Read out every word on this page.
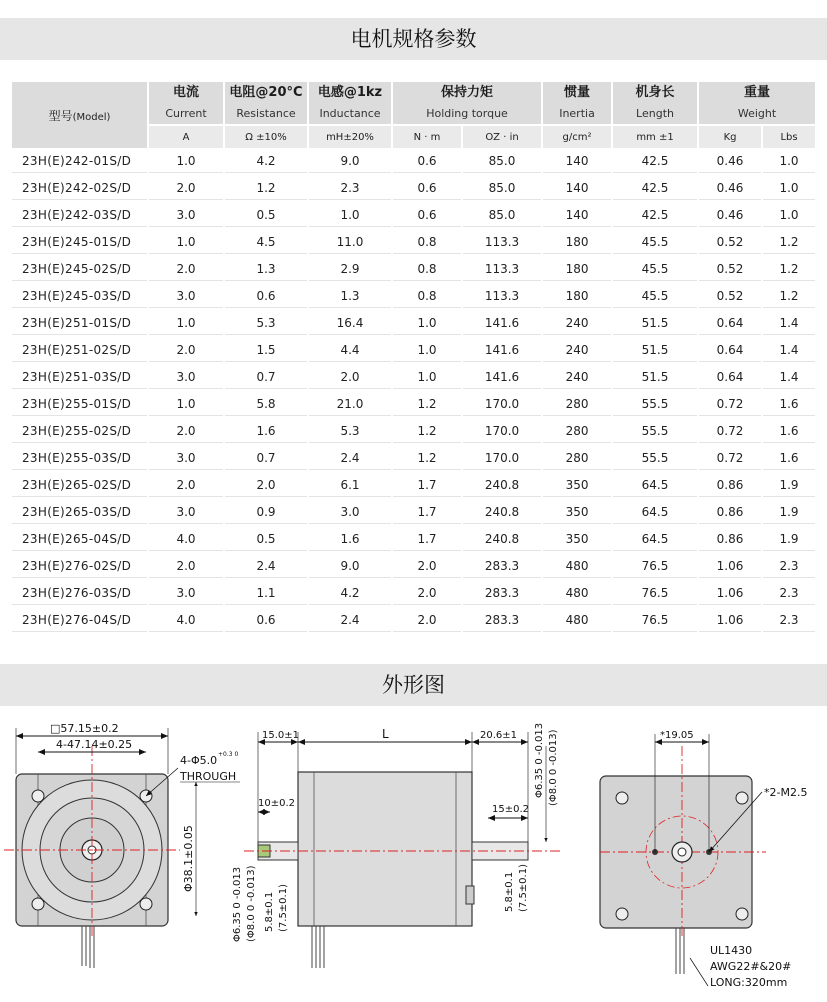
电机规格参数
型号(Model)	电流	电阻@20°C	电感@1kz	保持力矩		惯量	机身长	重量	

	Current	Resistance	Inductance	Holding torque		Inertia	Length	Weight	

	A	Ω ±10%	mH±20%	N · m	OZ · in	g/cm²	mm ±1	Kg	Lbs
23H(E)242-01S/D	1.0	4.2	9.0	0.6	85.0	140	42.5	0.46	1.0
23H(E)242-02S/D	2.0	1.2	2.3	0.6	85.0	140	42.5	0.46	1.0
23H(E)242-03S/D	3.0	0.5	1.0	0.6	85.0	140	42.5	0.46	1.0
23H(E)245-01S/D	1.0	4.5	11.0	0.8	113.3	180	45.5	0.52	1.2
23H(E)245-02S/D	2.0	1.3	2.9	0.8	113.3	180	45.5	0.52	1.2
23H(E)245-03S/D	3.0	0.6	1.3	0.8	113.3	180	45.5	0.52	1.2
23H(E)251-01S/D	1.0	5.3	16.4	1.0	141.6	240	51.5	0.64	1.4
23H(E)251-02S/D	2.0	1.5	4.4	1.0	141.6	240	51.5	0.64	1.4
23H(E)251-03S/D	3.0	0.7	2.0	1.0	141.6	240	51.5	0.64	1.4
23H(E)255-01S/D	1.0	5.8	21.0	1.2	170.0	280	55.5	0.72	1.6
23H(E)255-02S/D	2.0	1.6	5.3	1.2	170.0	280	55.5	0.72	1.6
23H(E)255-03S/D	3.0	0.7	2.4	1.2	170.0	280	55.5	0.72	1.6
23H(E)265-02S/D	2.0	2.0	6.1	1.7	240.8	350	64.5	0.86	1.9
23H(E)265-03S/D	3.0	0.9	3.0	1.7	240.8	350	64.5	0.86	1.9
23H(E)265-04S/D	4.0	0.5	1.6	1.7	240.8	350	64.5	0.86	1.9
23H(E)276-02S/D	2.0	2.4	9.0	2.0	283.3	480	76.5	1.06	2.3
23H(E)276-03S/D	3.0	1.1	4.2	2.0	283.3	480	76.5	1.06	2.3
23H(E)276-04S/D	4.0	0.6	2.4	2.0	283.3	480	76.5	1.06	2.3
外形图
□57.15±0.2
4-47.14±0.25
4-Φ5.0 +0.3 0
THROUGH
Φ38.1±0.05
15.0±1	L	20.6±1
10±0.2
15±0.2
Φ6.35 0 -0.013 (Φ8.0 0 -0.013)
5.8±0.1 (7.5±0.1)
Φ6.35 0 -0.013 (Φ8.0 0 -0.013) 5.8±0.1 (7.5±0.1)
*19.05
*2-M2.5
UL1430
AWG22#&20#
LONG:320mm
